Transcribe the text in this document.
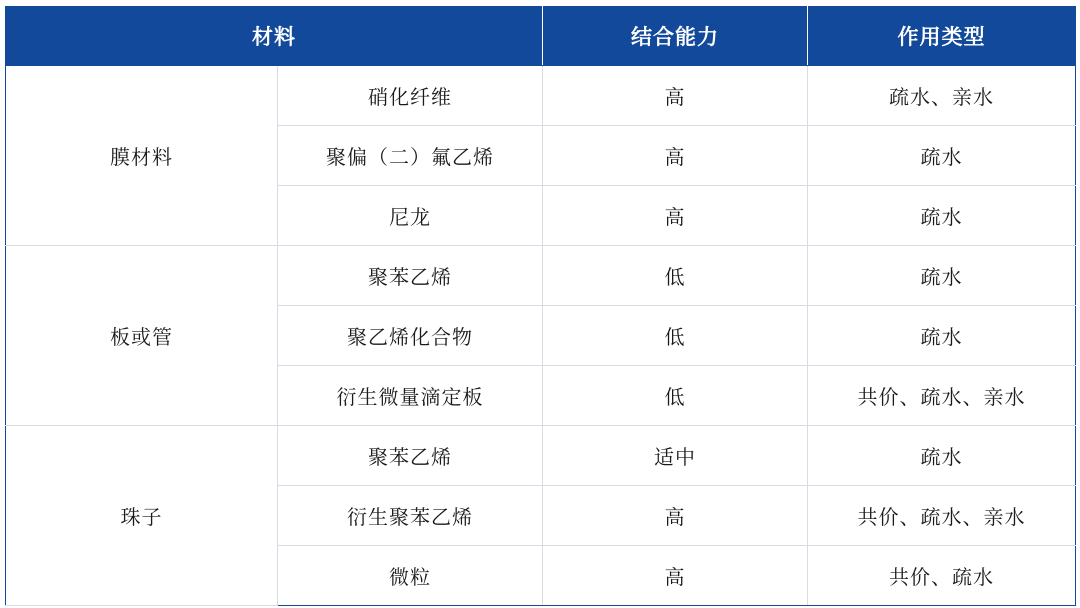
材料		结合能力	作用类型
膜材料	硝化纤维	高	疏水、亲水
	聚偏（二）氟乙烯	高	疏水
	尼龙	高	疏水
板或管	聚苯乙烯	低	疏水
	聚乙烯化合物	低	疏水
	衍生微量滴定板	低	共价、疏水、亲水
珠子	聚苯乙烯	适中	疏水
	衍生聚苯乙烯	高	共价、疏水、亲水
	微粒	高	共价、疏水
